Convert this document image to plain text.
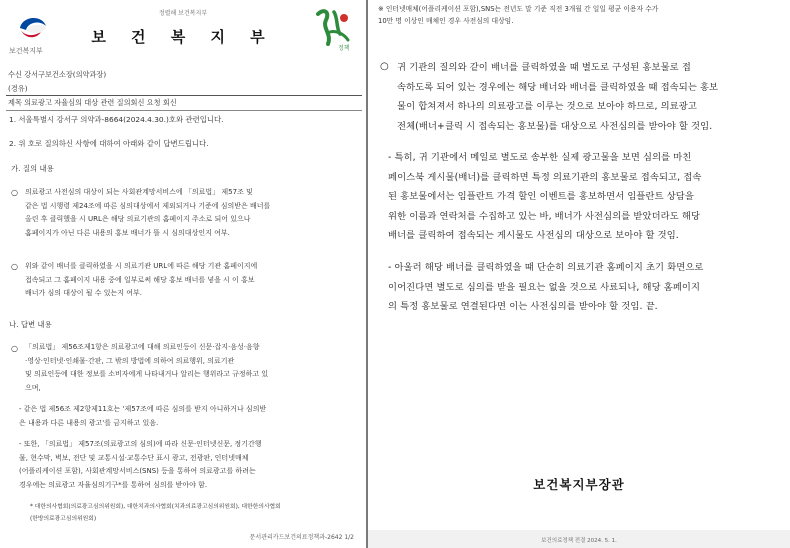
보건복지부
정렬해 보건복지부
보 건 복 지 부
정책
수신 강서구보건소장(의약과장)
(경유)
제목 의료광고 자율심의 대상 관련 질의회신 요청 회신
1. 서울특별시 강서구 의약과-8664(2024.4.30.)호와 관련입니다.
2. 위 호로 질의하신 사항에 대하여 아래와 같이 답변드립니다.
가. 질의 내용
○ 의료광고 사전심의 대상이 되는 사회관계망서비스에 「의료법」 제57조 및
같은 법 시행령 제24조에 따른 심의대상에서 제외되거나 기준에 심의받은 배너를
올린 후 클릭했을 시 URL은 해당 의료기관의 홈페이지 주소로 되어 있으나
홈페이지가 아닌 다른 내용의 홍보 배너가 뜰 시 심의대상인지 여부.
○ 위와 같이 배너를 클릭하였을 시 의료기관 URL에 따른 해당 기관 홈페이지에
접속되고 그 홈페이지 내용 중에 일부로써 해당 홍보 배너를 넣을 시 이 홍보
배너가 심의 대상이 될 수 있는지 여부.
나. 답변 내용
○ 「의료법」 제56조제1항은 의료광고에 대해 의료인등이 신문·잡지·음성·음향
·영상·인터넷·인쇄물·간판, 그 밖의 방법에 의하여 의료행위, 의료기관
및 의료인등에 대한 정보를 소비자에게 나타내거나 알리는 행위라고 규정하고 있
으며,
- 같은 법 제56조 제2항제11호는 '제57조에 따른 심의를 받지 아니하거나 심의받
은 내용과 다른 내용의 광고'를 금지하고 있음.
- 또한, 「의료법」 제57조(의료광고의 심의)에 따라 신문·인터넷신문, 정기간행
물, 현수막, 벽보, 전단 및 교통시설·교통수단 표시 광고, 전광판, 인터넷매체
(어플리케이션 포함), 사회관계망서비스(SNS) 등을 통하여 의료광고를 하려는
경우에는 의료광고 자율심의기구*를 통하여 심의를 받아야 함.
* 대한의사협회(의료광고심의위원회), 대한치과의사협회(치과의료광고심의위원회), 대한한의사협회
(한방의료광고심의위원회)
문서관리카드보건의료정책과-2642 1/2
※ 인터넷매체(어플리케이션 포함),SNS는 전년도 말 기준 직전 3개월 간 일일 평균 이용자 수가
10만 명 이상인 매체인 경우 사전심의 대상임.
○ 귀 기관의 질의와 같이 배너를 클릭하였을 때 별도로 구성된 홍보물로 접
속하도록 되어 있는 경우에는 해당 배너와 배너를 클릭하였을 때 접속되는 홍보
물이 합쳐져서 하나의 의료광고를 이루는 것으로 보아야 하므로, 의료광고
전체(배너+클릭 시 접속되는 홍보물)를 대상으로 사전심의를 받아야 할 것임.
- 특히, 귀 기관에서 메일로 별도로 송부한 실제 광고물을 보면 심의를 마친
페이스북 게시물(배너)를 클릭하면 특정 의료기관의 홍보물로 접속되고, 접속
된 홍보물에서는 임플란트 가격 할인 이벤트를 홍보하면서 임플란트 상담을
위한 이름과 연락처를 수집하고 있는 바, 배너가 사전심의를 받았더라도 해당
배너를 클릭하여 접속되는 게시물도 사전심의 대상으로 보아야 할 것임.
- 아울러 해당 배너를 클릭하였을 때 단순히 의료기관 홈페이지 초기 화면으로
이어진다면 별도로 심의를 받을 필요는 없을 것으로 사료되나, 해당 홈페이지
의 특정 홍보물로 연결된다면 이는 사전심의를 받아야 할 것임. 끝.
보건복지부장관
보건의료정책 전결 2024. 5. 1.
